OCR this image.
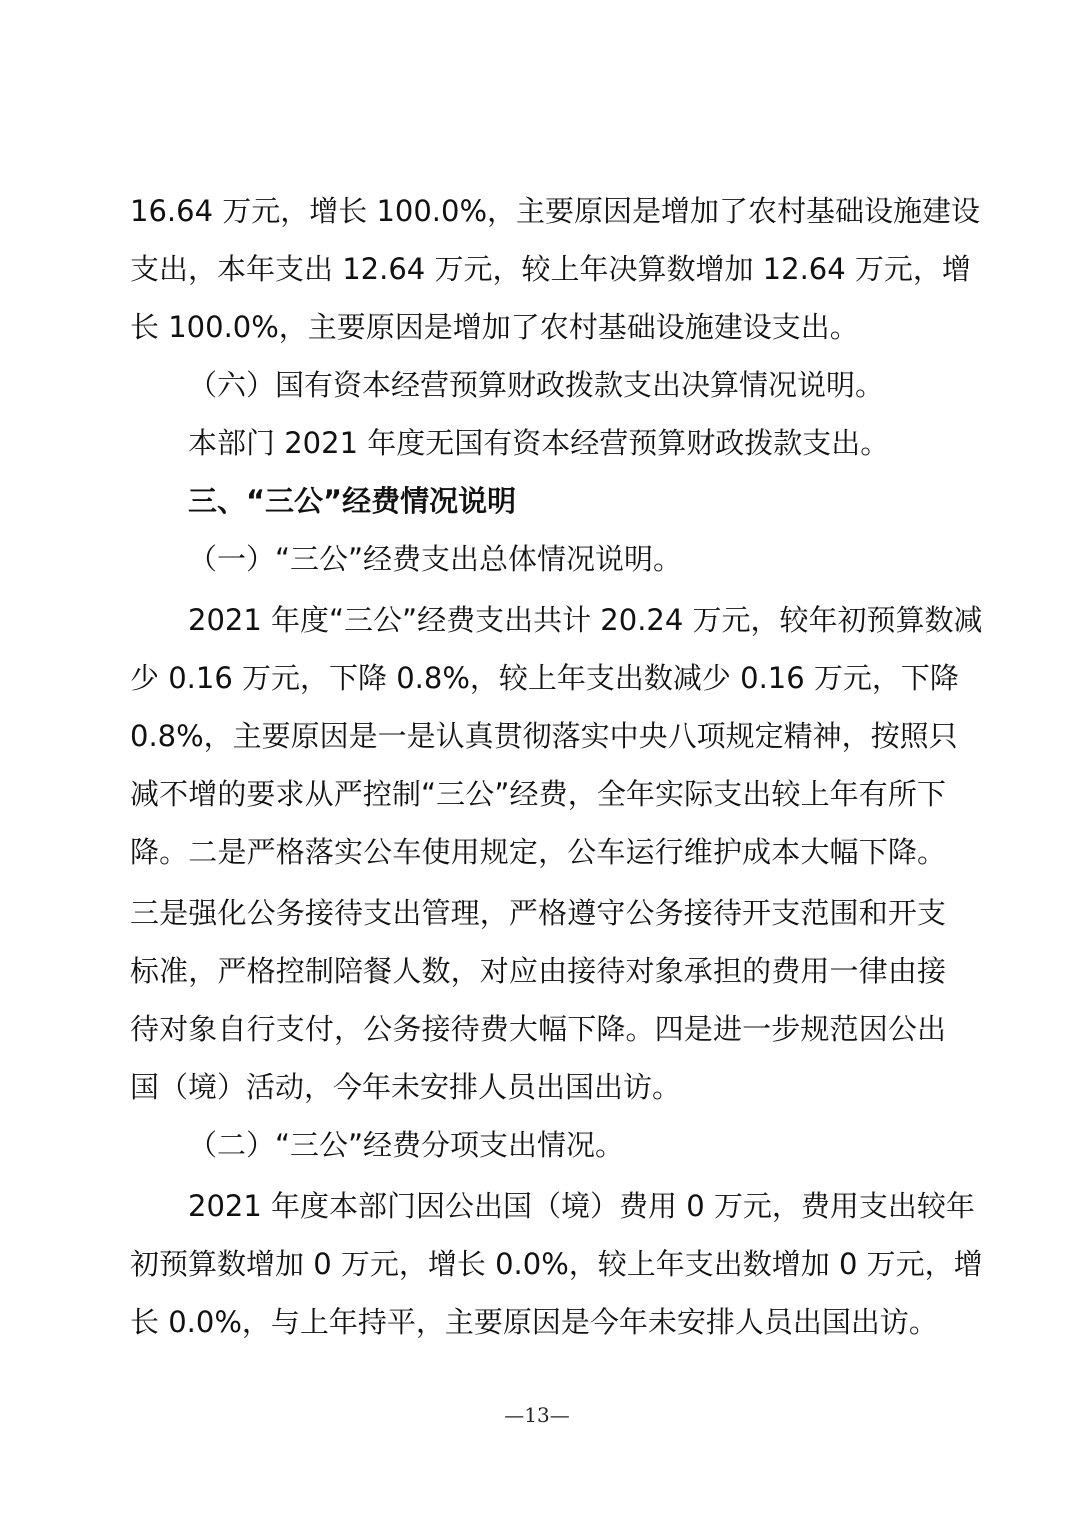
16.64 万元，增长 100.0%，主要原因是增加了农村基础设施建设
支出，本年支出 12.64 万元，较上年决算数增加 12.64 万元，增
长 100.0%，主要原因是增加了农村基础设施建设支出。
（六）国有资本经营预算财政拨款支出决算情况说明。
本部门 2021 年度无国有资本经营预算财政拨款支出。
三、“三公”经费情况说明
（一）“三公”经费支出总体情况说明。
2021 年度“三公”经费支出共计 20.24 万元，较年初预算数减
少 0.16 万元，下降 0.8%，较上年支出数减少 0.16 万元，下降
0.8%，主要原因是一是认真贯彻落实中央八项规定精神，按照只
减不增的要求从严控制“三公”经费，全年实际支出较上年有所下
降。二是严格落实公车使用规定，公车运行维护成本大幅下降。
三是强化公务接待支出管理，严格遵守公务接待开支范围和开支
标准，严格控制陪餐人数，对应由接待对象承担的费用一律由接
待对象自行支付，公务接待费大幅下降。四是进一步规范因公出
国（境）活动，今年未安排人员出国出访。
（二）“三公”经费分项支出情况。
2021 年度本部门因公出国（境）费用 0 万元，费用支出较年
初预算数增加 0 万元，增长 0.0%，较上年支出数增加 0 万元，增
长 0.0%，与上年持平，主要原因是今年未安排人员出国出访。
—13—
